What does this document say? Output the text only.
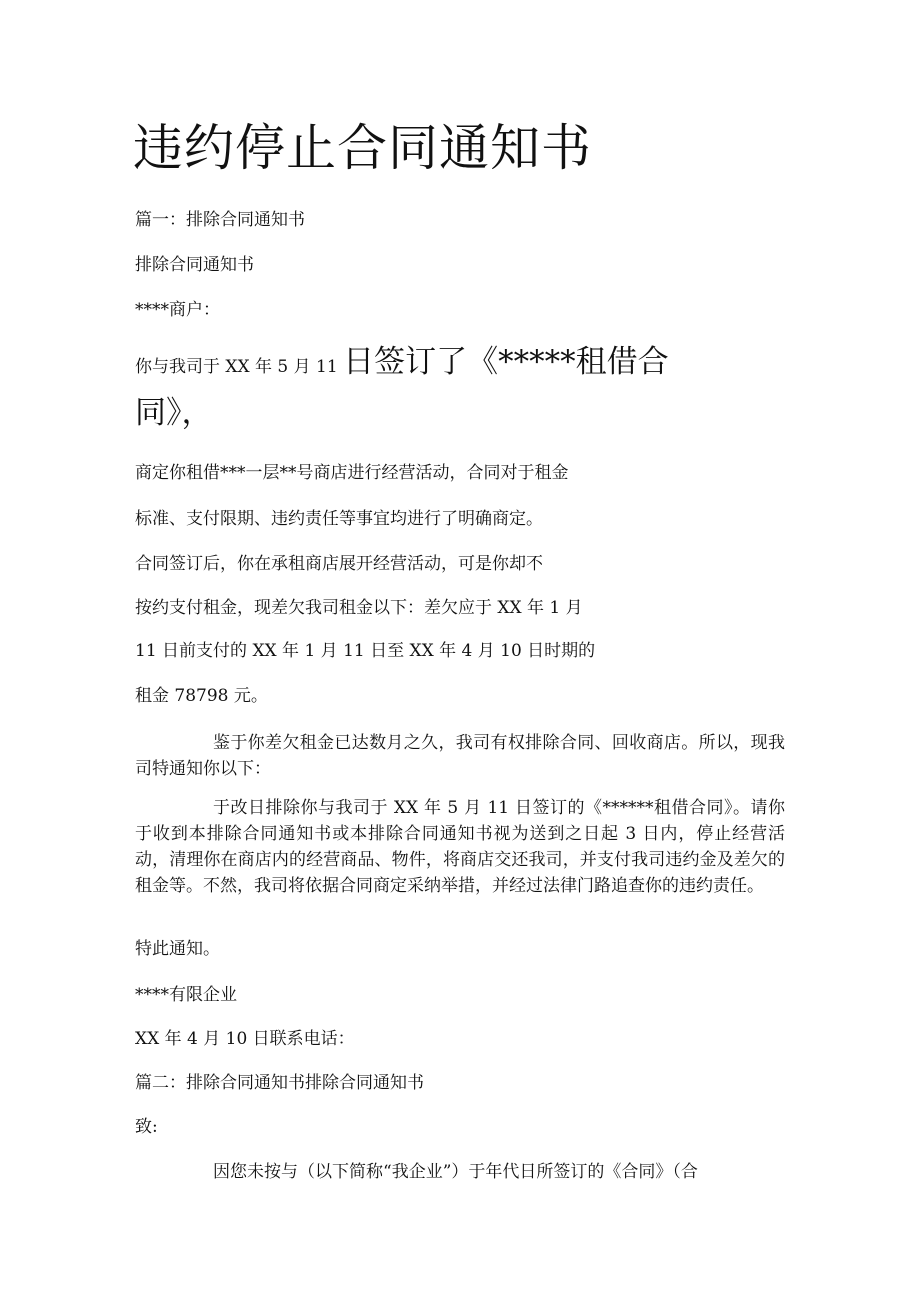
违约停止合同通知书
篇一：排除合同通知书
排除合同通知书
****商户：
你与我司于 XX 年 5 月 11 日签订了《*****租借合
同》，
商定你租借***一层**号商店进行经营活动，合同对于租金
标准、支付限期、违约责任等事宜均进行了明确商定。
合同签订后，你在承租商店展开经营活动，可是你却不
按约支付租金，现差欠我司租金以下：差欠应于 XX 年 1 月
11 日前支付的 XX 年 1 月 11 日至 XX 年 4 月 10 日时期的
租金 78798 元。
鉴于你差欠租金已达数月之久，我司有权排除合同、回收商店。所以，现我司特通知你以下：
于改日排除你与我司于 XX 年 5 月 11 日签订的《******租借合同》。请你于收到本排除合同通知书或本排除合同通知书视为送到之日起 3 日内，停止经营活动，清理你在商店内的经营商品、物件，将商店交还我司，并支付我司违约金及差欠的租金等。不然，我司将依据合同商定采纳举措，并经过法律门路追查你的违约责任。
特此通知。
****有限企业
XX 年 4 月 10 日联系电话：
篇二：排除合同通知书排除合同通知书
致:
因您未按与（以下简称“我企业”）于年代日所签订的《合同》（合
